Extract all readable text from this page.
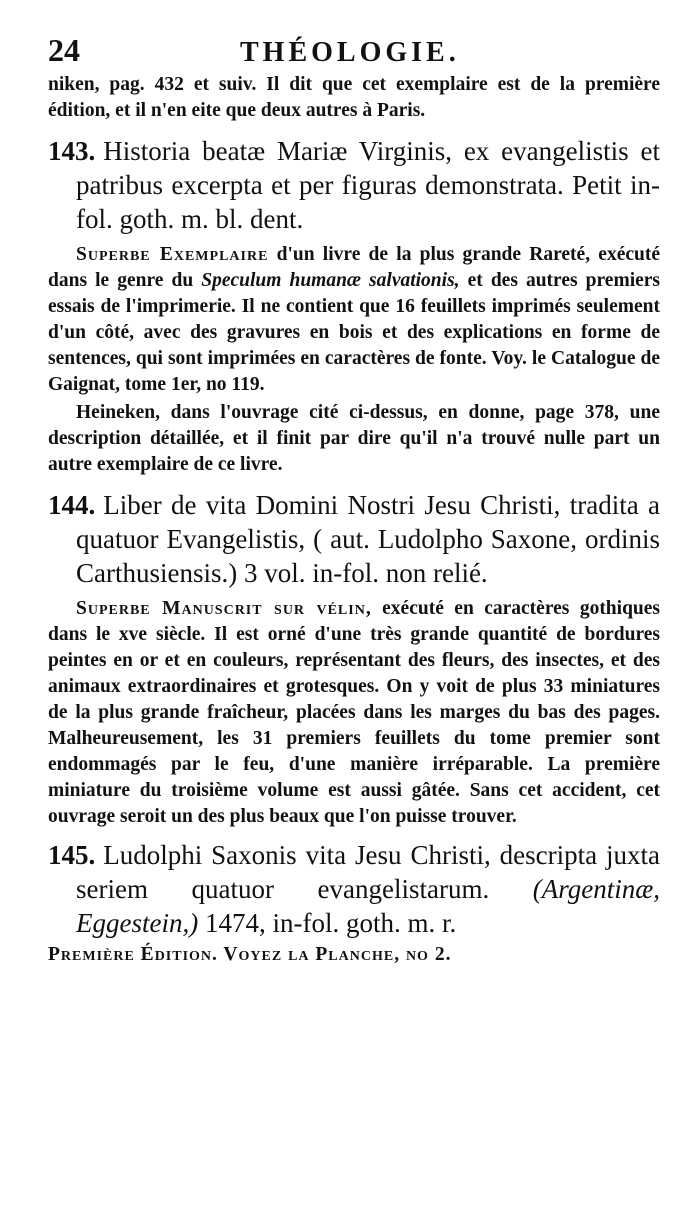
24	THÉOLOGIE.

niken, pag. 432 et suiv. Il dit que cet exemplaire est de la première édition, et il n'en eite que deux autres à Paris.

143. Historia beatæ Mariæ Virginis, ex evangelistis et patribus excerpta et per figuras demonstrata. Petit in-fol. goth. m. bl. dent.

Superbe Exemplaire d'un livre de la plus grande Rareté, exécuté dans le genre du Speculum humanæ salvationis, et des autres premiers essais de l'imprimerie. Il ne contient que 16 feuillets imprimés seulement d'un côté, avec des gravures en bois et des explications en forme de sentences, qui sont imprimées en caractères de fonte. Voy. le Catalogue de Gaignat, tome 1er, no 119.

Heineken, dans l'ouvrage cité ci-dessus, en donne, page 378, une description détaillée, et il finit par dire qu'il n'a trouvé nulle part un autre exemplaire de ce livre.

144. Liber de vita Domini Nostri Jesu Christi, tradita a quatuor Evangelistis, ( aut. Ludolpho Saxone, ordinis Carthusiensis.) 3 vol. in-fol. non relié.

Superbe Manuscrit sur vélin, exécuté en caractères gothiques dans le xve siècle. Il est orné d'une très grande quantité de bordures peintes en or et en couleurs, représentant des fleurs, des insectes, et des animaux extraordinaires et grotesques. On y voit de plus 33 miniatures de la plus grande fraîcheur, placées dans les marges du bas des pages. Malheureusement, les 31 premiers feuillets du tome premier sont endommagés par le feu, d'une manière irréparable. La première miniature du troisième volume est aussi gâtée. Sans cet accident, cet ouvrage seroit un des plus beaux que l'on puisse trouver.

145. Ludolphi Saxonis vita Jesu Christi, descripta juxta seriem quatuor evangelistarum. (Argentinæ, Eggestein,) 1474, in-fol. goth. m. r.

Première Édition. Voyez la Planche, no 2.
